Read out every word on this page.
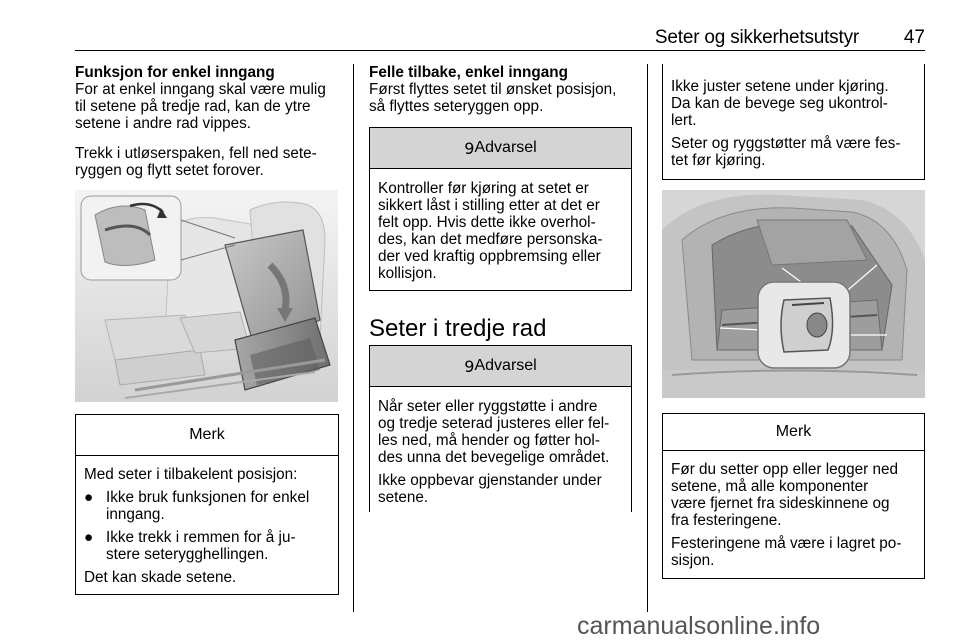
Seter og sikkerhetsutstyr 47
Funksjon for enkel inngang
For at enkel inngang skal være mulig
til setene på tredje rad, kan de ytre
setene i andre rad vippes.
Trekk i utløserspaken, fell ned sete-
ryggen og flytt setet forover.
Merk

Med seter i tilbakelent posisjon:

● Ikke bruk funksjonen for enkel
inngang.
● Ikke trekk i remmen for å ju-
stere seterygghellingen.

Det kan skade setene.

Felle tilbake, enkel inngang
Først flyttes setet til ønsket posisjon,
så flyttes seteryggen opp.
9 Advarsel

Kontroller før kjøring at setet er
sikkert låst i stilling etter at det er
felt opp. Hvis dette ikke overhol-
des, kan det medføre personska-
der ved kraftig oppbremsing eller
kollisjon.

Seter i tredje rad
9 Advarsel

Når seter eller ryggstøtte i andre
og tredje seterad justeres eller fel-
les ned, må hender og føtter hol-
des unna det bevegelige området.

Ikke oppbevar gjenstander under
setene.

Ikke juster setene under kjøring.
Da kan de bevege seg ukontrol-
lert.

Seter og ryggstøtter må være fes-
tet før kjøring.

Merk

Før du setter opp eller legger ned
setene, må alle komponenter
være fjernet fra sideskinnene og
fra festeringene.

Festeringene må være i lagret po-
sisjon.

carmanualsonline.info
